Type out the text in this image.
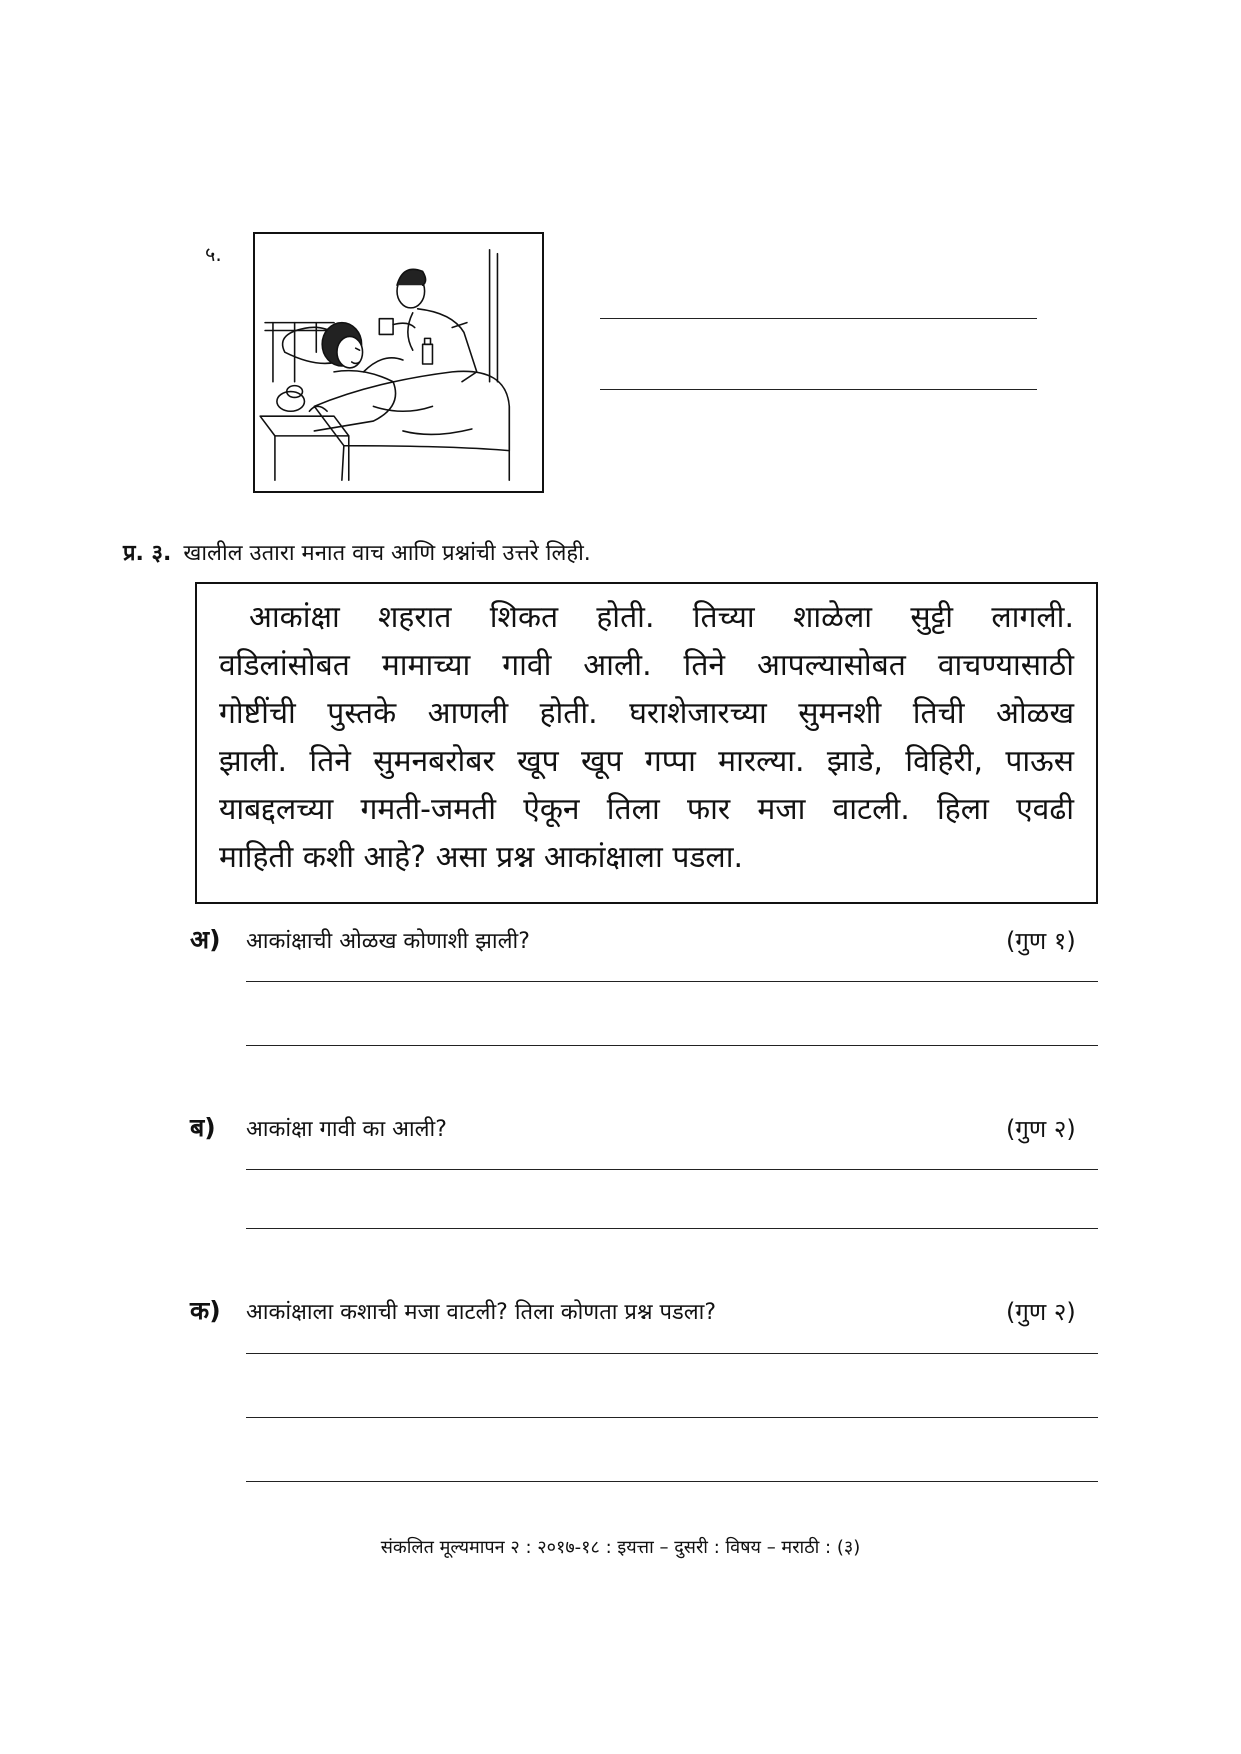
५.
प्र. ३. खालील उतारा मनात वाच आणि प्रश्नांची उत्तरे लिही.
आकांक्षा शहरात शिकत होती. तिच्या शाळेला सुट्टी लागली.
वडिलांसोबत मामाच्या गावी आली. तिने आपल्यासोबत वाचण्यासाठी
गोष्टींची पुस्तके आणली होती. घराशेजारच्या सुमनशी तिची ओळख
झाली. तिने सुमनबरोबर खूप खूप गप्पा मारल्या. झाडे, विहिरी, पाऊस
याबद्दलच्या गमती-जमती ऐकून तिला फार मजा वाटली. हिला एवढी
माहिती कशी आहे? असा प्रश्न आकांक्षाला पडला.
अ) आकांक्षाची ओळख कोणाशी झाली?	(गुण १)
ब) आकांक्षा गावी का आली?	(गुण २)
क) आकांक्षाला कशाची मजा वाटली? तिला कोणता प्रश्न पडला?	(गुण २)
संकलित मूल्यमापन २ : २०१७-१८ : इयत्ता – दुसरी : विषय – मराठी : (३)
